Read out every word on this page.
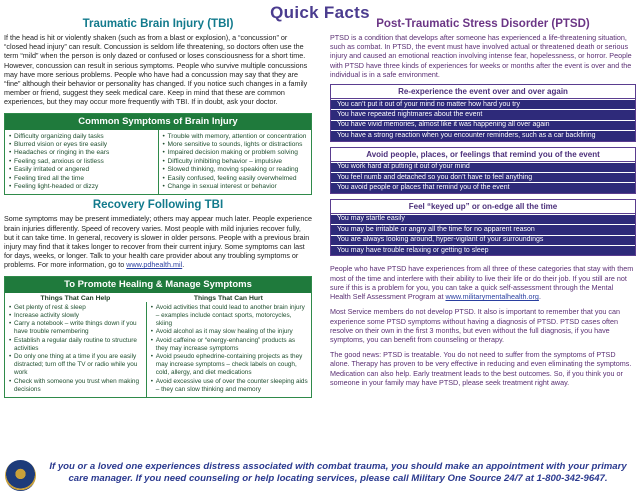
Quick Facts
Traumatic Brain Injury (TBI)

If the head is hit or violently shaken (such as from a blast or explosion), a “concussion” or “closed head injury” can result. Concussion is seldom life threatening, so doctors often use the term “mild” when the person is only dazed or confused or loses consciousness for a short time. However, concussion can result in serious symptoms. People who survive multiple concussions may have more serious problems. People who have had a concussion may say that they are “fine” although their behavior or personality has changed. If you notice such changes in a family member or friend, suggest they seek medical care. Keep in mind that these are common experiences, but they may occur more frequently with TBI. If in doubt, ask your doctor.

Common Symptoms of Brain Injury
• Difficulty organizing daily tasks
• Blurred vision or eyes tire easily
• Headaches or ringing in the ears
• Feeling sad, anxious or listless
• Easily irritated or angered
• Feeling tired all the time
• Feeling light-headed or dizzy
• Trouble with memory, attention or concentration
• More sensitive to sounds, lights or distractions
• Impaired decision making or problem solving
• Difficulty inhibiting behavior – impulsive
• Slowed thinking, moving speaking or reading
• Easily confused, feeling easily overwhelmed
• Change in sexual interest or behavior
Recovery Following TBI

Some symptoms may be present immediately; others may appear much later. People experience brain injuries differently. Speed of recovery varies. Most people with mild injuries recover fully, but it can take time. In general, recovery is slower in older persons. People with a previous brain injury may find that it takes longer to recover from their current injury. Some symptoms can last for days, weeks, or longer. Talk to your health care provider about any troubling symptoms or problems. For more information, go to www.pdhealth.mil.

To Promote Healing & Manage Symptoms
Things That Can Help	Things That Can Hurt
• Get plenty of rest & sleep
• Increase activity slowly
• Carry a notebook – write things down if you have trouble remembering
• Establish a regular daily routine to structure activities
• Do only one thing at a time if you are easily distracted; turn off the TV or radio while you work
• Check with someone you trust when making decisions
• Avoid activities that could lead to another brain injury – examples include contact sports, motorcycles, skiing
• Avoid alcohol as it may slow healing of the injury
• Avoid caffeine or “energy-enhancing” products as they may increase symptoms
• Avoid pseudo ephedrine-containing projects as they may increase symptoms – check labels on cough, cold, allergy, and diet medications
• Avoid excessive use of over the counter sleeping aids – they can slow thinking and memory
Post-Traumatic Stress Disorder (PTSD)

PTSD is a condition that develops after someone has experienced a life-threatening situation, such as combat. In PTSD, the event must have involved actual or threatened death or serious injury and caused an emotional reaction involving intense fear, hopelessness, or horror. People with PTSD have three kinds of experiences for weeks or months after the event is over and the individual is in a safe environment.

Re-experience the event over and over again
You can’t put it out of your mind no matter how hard you try
You have repeated nightmares about the event
You have vivid memories, almost like it was happening all over again
You have a strong reaction when you encounter reminders, such as a car backfiring
Avoid people, places, or feelings that remind you of the event
You work hard at putting it out of your mind
You feel numb and detached so you don’t have to feel anything
You avoid people or places that remind you of the event
Feel “keyed up” or on-edge all the time
You may startle easily
You may be irritable or angry all the time for no apparent reason
You are always looking around, hyper-vigilant of your surroundings
You may have trouble relaxing or getting to sleep

People who have PTSD have experiences from all three of these categories that stay with them most of the time and interfere with their ability to live their life or do their job. If you still are not sure if this is a problem for you, you can take a quick self-assessment through the Mental Health Self Assessment Program at www.militarymentalhealth.org.

Most Service members do not develop PTSD. It also is important to remember that you can experience some PTSD symptoms without having a diagnosis of PTSD. PTSD cases often resolve on their own in the first 3 months, but even without the full diagnosis, if you have symptoms, you can benefit from counseling or therapy.

The good news: PTSD is treatable. You do not need to suffer from the symptoms of PTSD alone. Therapy has proven to be very effective in reducing and even eliminating the symptoms. Medication can also help. Early treatment leads to the best outcomes. So, if you think you or someone in your family may have PTSD, please seek treatment right away.

If you or a loved one experiences distress associated with combat trauma, you should make an appointment with your primary care manager. If you need counseling or help locating services, please call Military One Source 24/7 at 1-800-342-9647.
